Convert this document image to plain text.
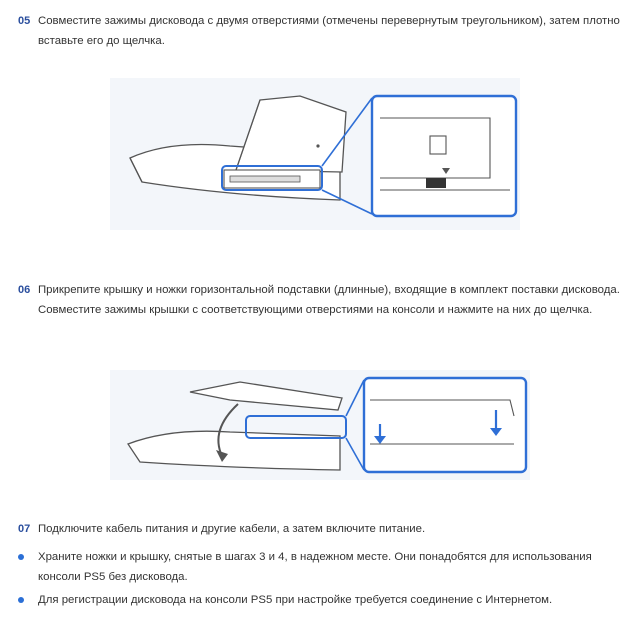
05 Совместите зажимы дисковода с двумя отверстиями (отмечены перевернутым треугольником), затем плотно вставьте его до щелчка.
06 Прикрепите крышку и ножки горизонтальной подставки (длинные), входящие в комплект поставки дисковода. Совместите зажимы крышки с соответствующими отверстиями на консоли и нажмите на них до щелчка.
07 Подключите кабель питания и другие кабели, а затем включите питание.
Храните ножки и крышку, снятые в шагах 3 и 4, в надежном месте. Они понадобятся для использования консоли PS5 без дисковода.
Для регистрации дисковода на консоли PS5 при настройке требуется соединение с Интернетом.
